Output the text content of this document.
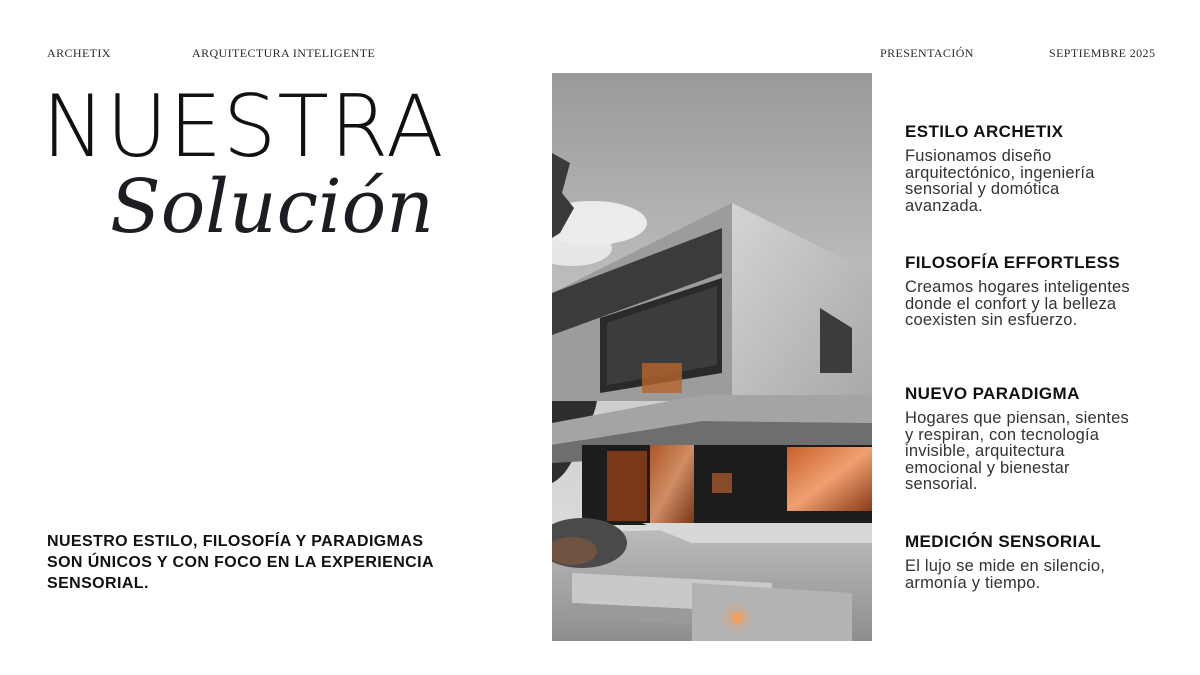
ARCHETIX	ARQUITECTURA INTELIGENTE	PRESENTACIÓN	SEPTIEMBRE 2025
NUESTRA
Solución
NUESTRO ESTILO, FILOSOFÍA Y PARADIGMAS SON ÚNICOS Y CON FOCO EN LA EXPERIENCIA SENSORIAL.
ESTILO ARCHETIX
Fusionamos diseño arquitectónico, ingeniería sensorial y domótica avanzada.
FILOSOFÍA EFFORTLESS
Creamos hogares inteligentes donde el confort y la belleza coexisten sin esfuerzo.
NUEVO PARADIGMA
Hogares que piensan, sientes y respiran, con tecnología invisible, arquitectura emocional y bienestar sensorial.
MEDICIÓN SENSORIAL
El lujo se mide en silencio, armonía y tiempo.
